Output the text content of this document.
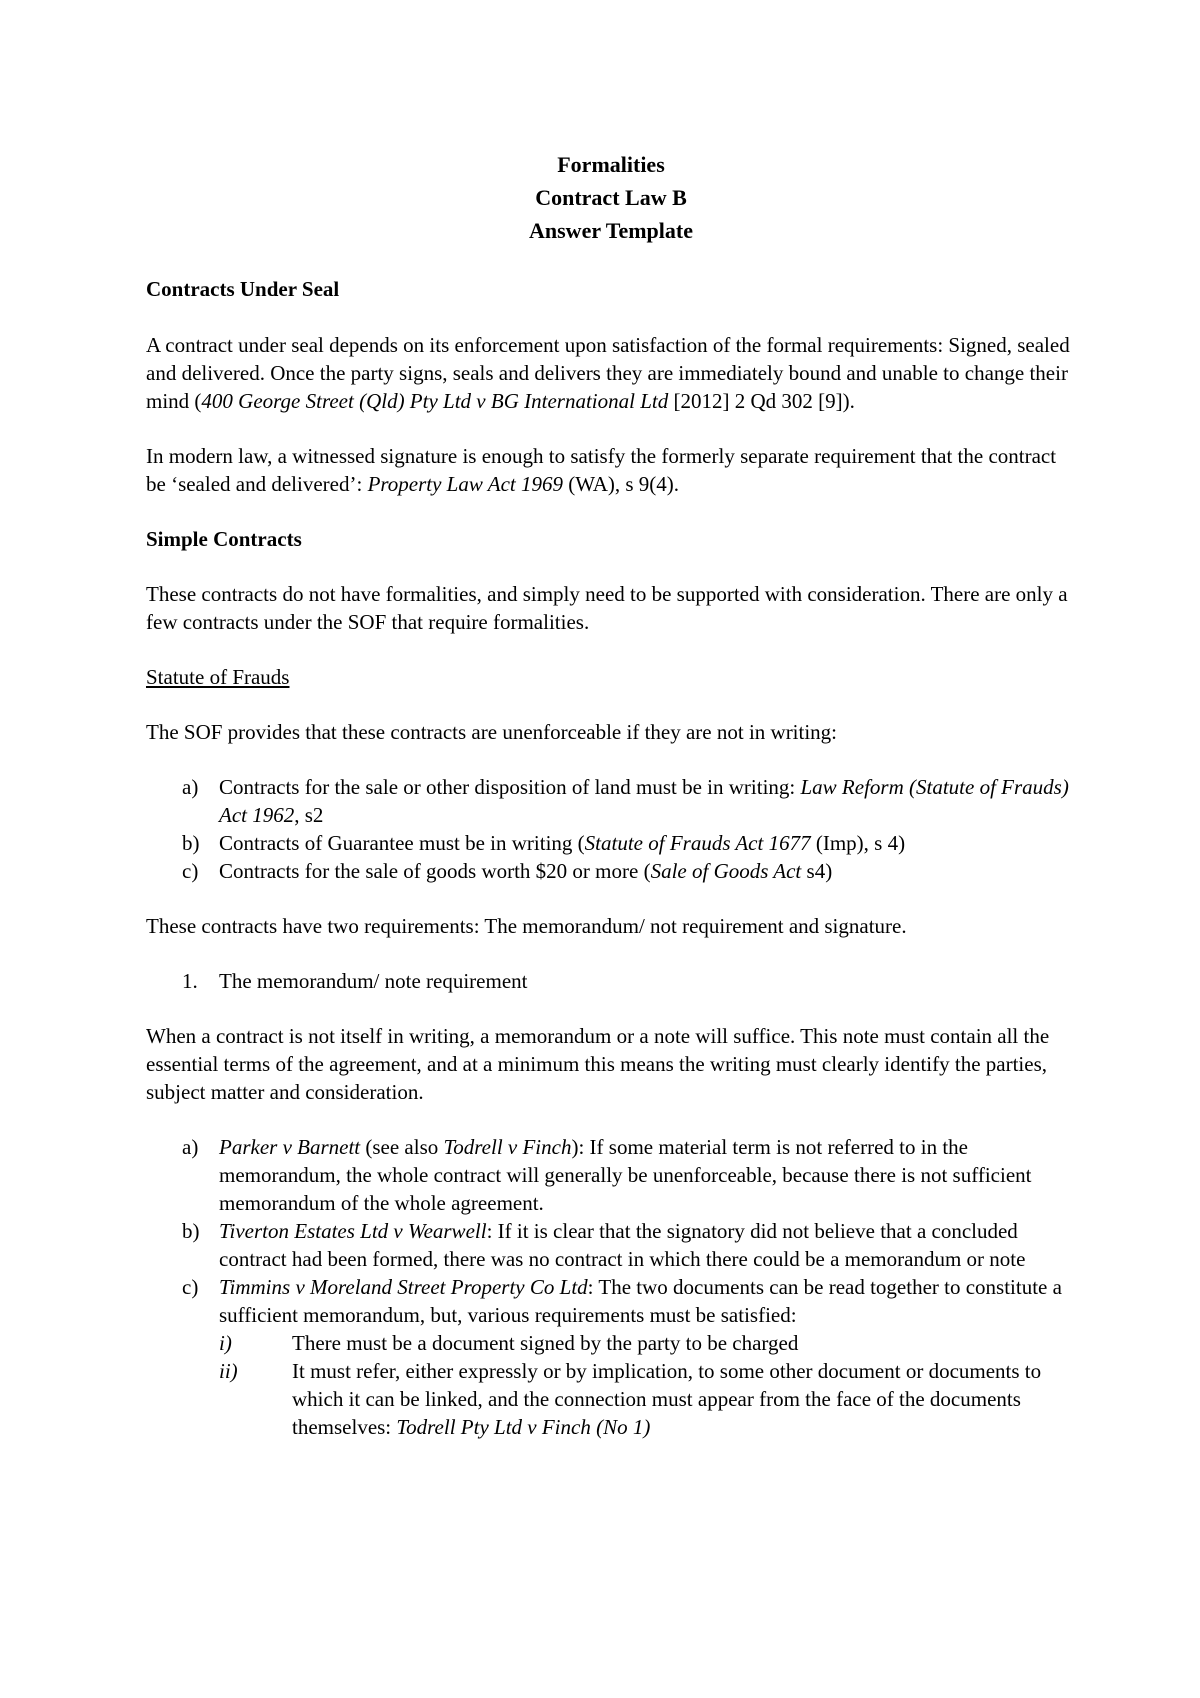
Formalities
Contract Law B
Answer Template

Contracts Under Seal

A contract under seal depends on its enforcement upon satisfaction of the formal requirements: Signed, sealed and delivered. Once the party signs, seals and delivers they are immediately bound and unable to change their mind (400 George Street (Qld) Pty Ltd v BG International Ltd [2012] 2 Qd 302 [9]).

In modern law, a witnessed signature is enough to satisfy the formerly separate requirement that the contract be ‘sealed and delivered’: Property Law Act 1969 (WA), s 9(4).

Simple Contracts

These contracts do not have formalities, and simply need to be supported with consideration. There are only a few contracts under the SOF that require formalities.

Statute of Frauds

The SOF provides that these contracts are unenforceable if they are not in writing:

a) Contracts for the sale or other disposition of land must be in writing: Law Reform (Statute of Frauds) Act 1962, s2
b) Contracts of Guarantee must be in writing (Statute of Frauds Act 1677 (Imp), s 4)
c) Contracts for the sale of goods worth $20 or more (Sale of Goods Act s4)

These contracts have two requirements: The memorandum/ not requirement and signature.

1. The memorandum/ note requirement

When a contract is not itself in writing, a memorandum or a note will suffice. This note must contain all the essential terms of the agreement, and at a minimum this means the writing must clearly identify the parties, subject matter and consideration.

a) Parker v Barnett (see also Todrell v Finch): If some material term is not referred to in the memorandum, the whole contract will generally be unenforceable, because there is not sufficient memorandum of the whole agreement.
b) Tiverton Estates Ltd v Wearwell: If it is clear that the signatory did not believe that a concluded contract had been formed, there was no contract in which there could be a memorandum or note
c) Timmins v Moreland Street Property Co Ltd: The two documents can be read together to constitute a sufficient memorandum, but, various requirements must be satisfied:
i)	There must be a document signed by the party to be charged
ii)	It must refer, either expressly or by implication, to some other document or documents to which it can be linked, and the connection must appear from the face of the documents themselves: Todrell Pty Ltd v Finch (No 1)
